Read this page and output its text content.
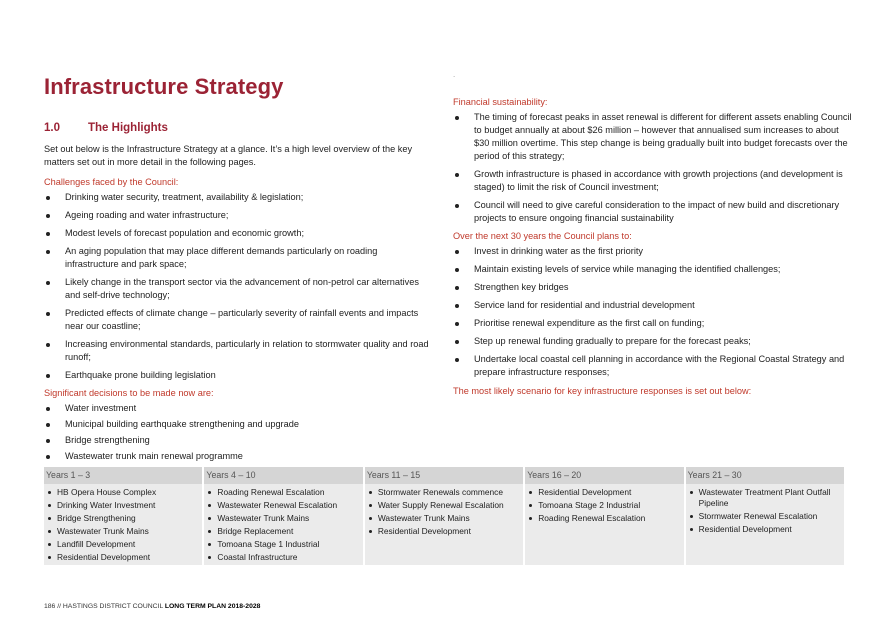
Infrastructure Strategy	.
1.0 The Highlights

Set out below is the Infrastructure Strategy at a glance. It’s a high level overview of the key matters set out in more detail in the following pages.

Challenges faced by the Council:

Drinking water security, treatment, availability & legislation;
Ageing roading and water infrastructure;
Modest levels of forecast population and economic growth;
An aging population that may place different demands particularly on roading infrastructure and park space;
Likely change in the transport sector via the advancement of non-petrol car alternatives and self-drive technology;
Predicted effects of climate change – particularly severity of rainfall events and impacts near our coastline;
Increasing environmental standards, particularly in relation to stormwater quality and road runoff;
Earthquake prone building legislation

Significant decisions to be made now are:

Water investment
Municipal building earthquake strengthening and upgrade
Bridge strengthening
Wastewater trunk main renewal programme

Financial sustainability:

The timing of forecast peaks in asset renewal is different for different assets enabling Council to budget annually at about $26 million – however that annualised sum increases to about $30 million overtime. This step change is being gradually built into budget forecasts over the period of this strategy;
Growth infrastructure is phased in accordance with growth projections (and development is staged) to limit the risk of Council investment;
Council will need to give careful consideration to the impact of new build and discretionary projects to ensure ongoing financial sustainability

Over the next 30 years the Council plans to:

Invest in drinking water as the first priority
Maintain existing levels of service while managing the identified challenges;
Strengthen key bridges
Service land for residential and industrial development
Prioritise renewal expenditure as the first call on funding;
Step up renewal funding gradually to prepare for the forecast peaks;
Undertake local coastal cell planning in accordance with the Regional Coastal Strategy and prepare infrastructure responses;

The most likely scenario for key infrastructure responses is set out below:

Years 1 – 3
HB Opera House Complex
Drinking Water Investment
Bridge Strengthening
Wastewater Trunk Mains
Landfill Development
Residential Development
Years 4 – 10
Roading Renewal Escalation
Wastewater Renewal Escalation
Wastewater Trunk Mains
Bridge Replacement
Tomoana Stage 1 Industrial
Coastal Infrastructure
Years 11 – 15
Stormwater Renewals commence
Water Supply Renewal Escalation
Wastewater Trunk Mains
Residential Development
Years 16 – 20
Residential Development
Tomoana Stage 2 Industrial
Roading Renewal Escalation
Years 21 – 30
Wastewater Treatment Plant Outfall Pipeline
Stormwater Renewal Escalation
Residential Development
186 // HASTINGS DISTRICT COUNCIL LONG TERM PLAN 2018-2028
